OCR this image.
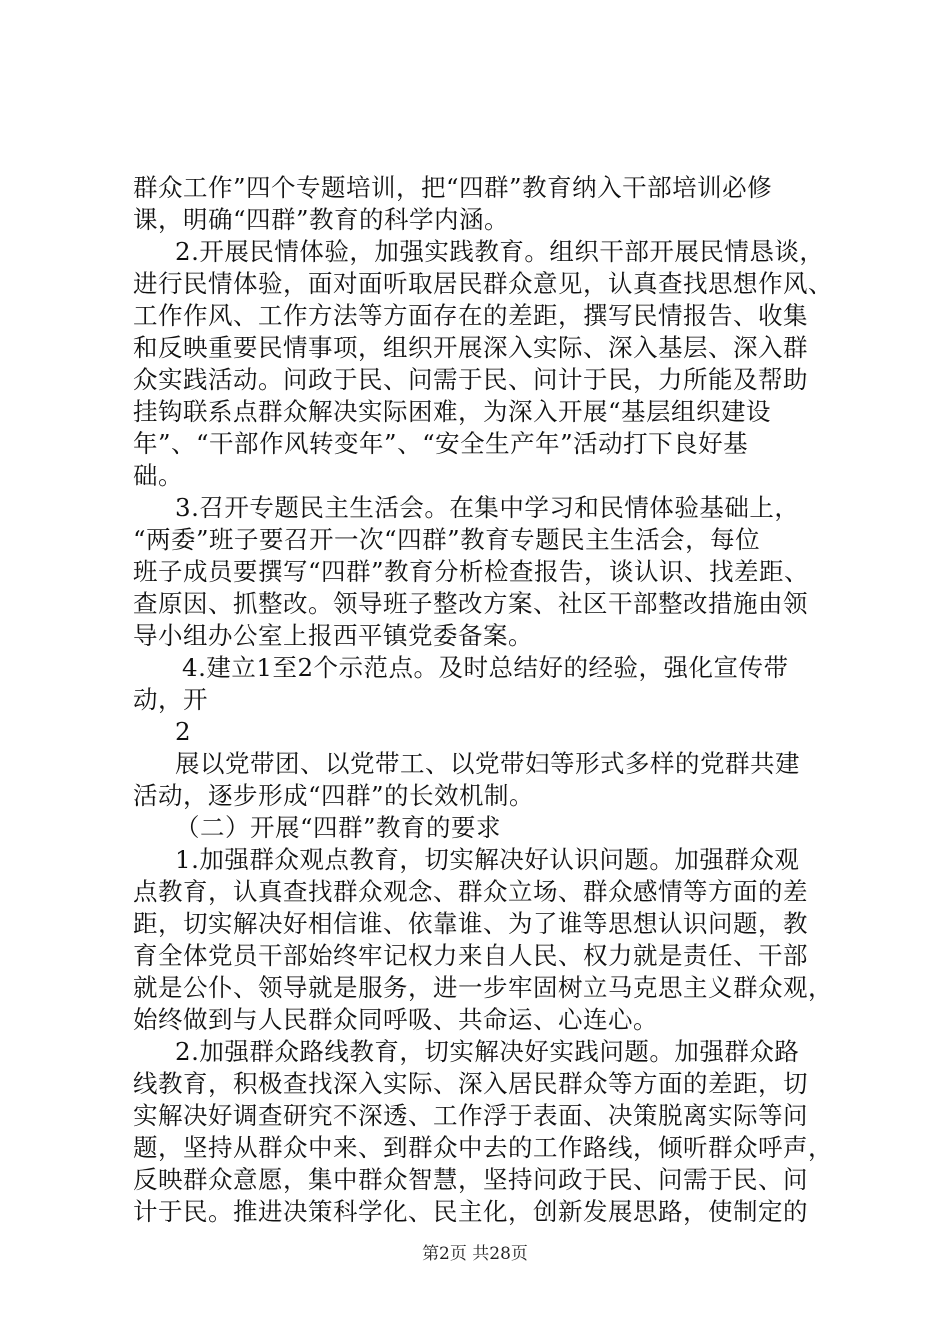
群众工作”四个专题培训，把“四群”教育纳入干部培训必修
课，明确“四群”教育的科学内涵。
2.开展民情体验，加强实践教育。组织干部开展民情恳谈，
进行民情体验，面对面听取居民群众意见，认真查找思想作风、
工作作风、工作方法等方面存在的差距，撰写民情报告、收集
和反映重要民情事项，组织开展深入实际、深入基层、深入群
众实践活动。问政于民、问需于民、问计于民，力所能及帮助
挂钩联系点群众解决实际困难，为深入开展“基层组织建设
年”、“干部作风转变年”、“安全生产年”活动打下良好基
础。
3.召开专题民主生活会。在集中学习和民情体验基础上，
“两委”班子要召开一次“四群”教育专题民主生活会，每位
班子成员要撰写“四群”教育分析检查报告，谈认识、找差距、
查原因、抓整改。领导班子整改方案、社区干部整改措施由领
导小组办公室上报西平镇党委备案。
4.建立1至2个示范点。及时总结好的经验，强化宣传带
动，开
2
展以党带团、以党带工、以党带妇等形式多样的党群共建
活动，逐步形成“四群”的长效机制。
（二）开展“四群”教育的要求
1.加强群众观点教育，切实解决好认识问题。加强群众观
点教育，认真查找群众观念、群众立场、群众感情等方面的差
距，切实解决好相信谁、依靠谁、为了谁等思想认识问题，教
育全体党员干部始终牢记权力来自人民、权力就是责任、干部
就是公仆、领导就是服务，进一步牢固树立马克思主义群众观，
始终做到与人民群众同呼吸、共命运、心连心。
2.加强群众路线教育，切实解决好实践问题。加强群众路
线教育，积极查找深入实际、深入居民群众等方面的差距，切
实解决好调查研究不深透、工作浮于表面、决策脱离实际等问
题，坚持从群众中来、到群众中去的工作路线，倾听群众呼声，
反映群众意愿，集中群众智慧，坚持问政于民、问需于民、问
计于民。推进决策科学化、民主化，创新发展思路，使制定的
第2页 共28页
